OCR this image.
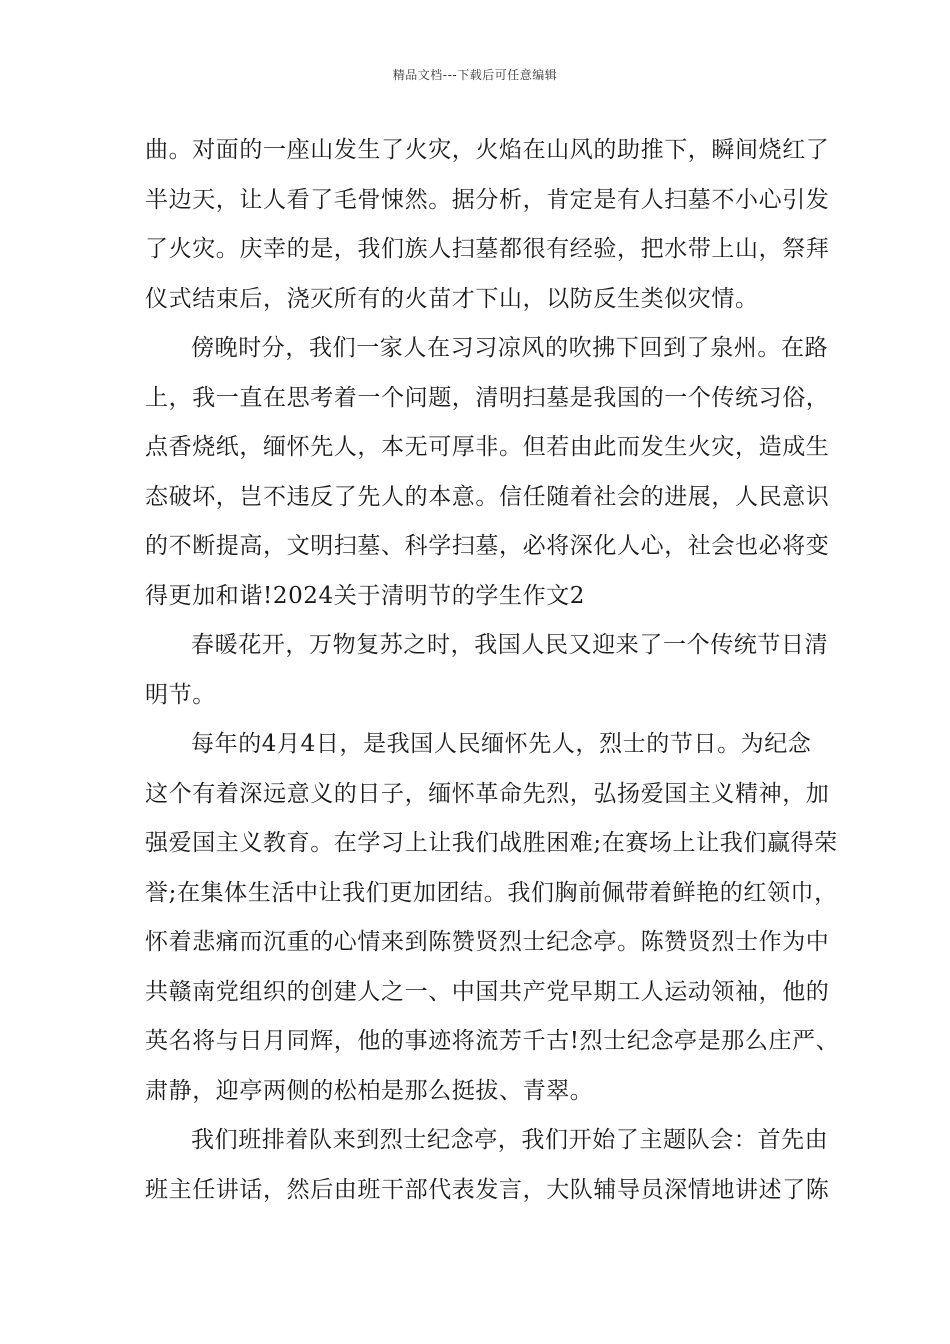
精品文档---下载后可任意编辑
曲。对面的一座山发生了火灾，火焰在山风的助推下，瞬间烧红了
半边天，让人看了毛骨悚然。据分析，肯定是有人扫墓不小心引发
了火灾。庆幸的是，我们族人扫墓都很有经验，把水带上山，祭拜
仪式结束后，浇灭所有的火苗才下山，以防反生类似灾情。
傍晚时分，我们一家人在习习凉风的吹拂下回到了泉州。在路
上，我一直在思考着一个问题，清明扫墓是我国的一个传统习俗，
点香烧纸，缅怀先人，本无可厚非。但若由此而发生火灾，造成生
态破坏，岂不违反了先人的本意。信任随着社会的进展，人民意识
的不断提高，文明扫墓、科学扫墓，必将深化人心，社会也必将变
得更加和谐!2024关于清明节的学生作文2
春暖花开，万物复苏之时，我国人民又迎来了一个传统节日清
明节。
每年的4月4日，是我国人民缅怀先人，烈士的节日。为纪念
这个有着深远意义的日子，缅怀革命先烈，弘扬爱国主义精神，加
强爱国主义教育。在学习上让我们战胜困难;在赛场上让我们赢得荣
誉;在集体生活中让我们更加团结。我们胸前佩带着鲜艳的红领巾，
怀着悲痛而沉重的心情来到陈赞贤烈士纪念亭。陈赞贤烈士作为中
共赣南党组织的创建人之一、中国共产党早期工人运动领袖，他的
英名将与日月同辉，他的事迹将流芳千古!烈士纪念亭是那么庄严、
肃静，迎亭两侧的松柏是那么挺拔、青翠。
我们班排着队来到烈士纪念亭，我们开始了主题队会：首先由
班主任讲话，然后由班干部代表发言，大队辅导员深情地讲述了陈
